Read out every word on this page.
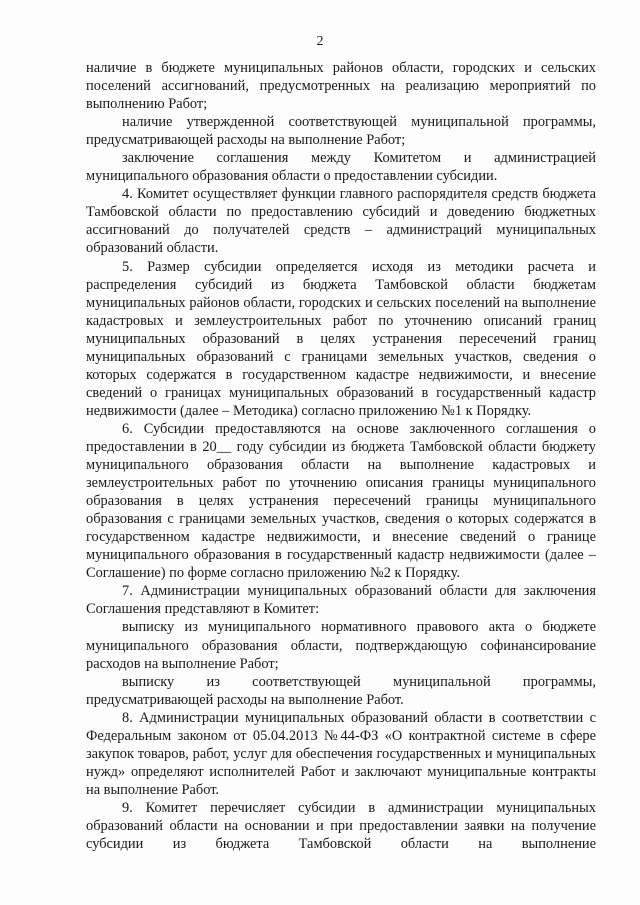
2

наличие в бюджете муниципальных районов области, городских и сельских поселений ассигнований, предусмотренных на реализацию мероприятий по выполнению Работ;

наличие утвержденной соответствующей муниципальной программы, предусматривающей расходы на выполнение Работ;

заключение соглашения между Комитетом и администрацией муниципального образования области о предоставлении субсидии.

4. Комитет осуществляет функции главного распорядителя средств бюджета Тамбовской области по предоставлению субсидий и доведению бюджетных ассигнований до получателей средств – администраций муниципальных образований области.

5. Размер субсидии определяется исходя из методики расчета и распределения субсидий из бюджета Тамбовской области бюджетам муниципальных районов области, городских и сельских поселений на выполнение кадастровых и землеустроительных работ по уточнению описаний границ муниципальных образований в целях устранения пересечений границ муниципальных образований с границами земельных участков, сведения о которых содержатся в государственном кадастре недвижимости, и внесение сведений о границах муниципальных образований в государственный кадастр недвижимости (далее – Методика) согласно приложению №1 к Порядку.

6. Субсидии предоставляются на основе заключенного соглашения о предоставлении в 20__ году субсидии из бюджета Тамбовской области бюджету муниципального образования области на выполнение кадастровых и землеустроительных работ по уточнению описания границы муниципального образования в целях устранения пересечений границы муниципального образования с границами земельных участков, сведения о которых содержатся в государственном кадастре недвижимости, и внесение сведений о границе муниципального образования в государственный кадастр недвижимости (далее – Соглашение) по форме согласно приложению №2 к Порядку.

7. Администрации муниципальных образований области для заключения Соглашения представляют в Комитет:

выписку из муниципального нормативного правового акта о бюджете муниципального образования области, подтверждающую софинансирование расходов на выполнение Работ;

выписку из соответствующей муниципальной программы, предусматривающей расходы на выполнение Работ.

8. Администрации муниципальных образований области в соответствии с Федеральным законом от 05.04.2013 №44-ФЗ «О контрактной системе в сфере закупок товаров, работ, услуг для обеспечения государственных и муниципальных нужд» определяют исполнителей Работ и заключают муниципальные контракты на выполнение Работ.

9. Комитет перечисляет субсидии в администрации муниципальных образований области на основании и при предоставлении заявки на получение субсидии из бюджета Тамбовской области на выполнение
